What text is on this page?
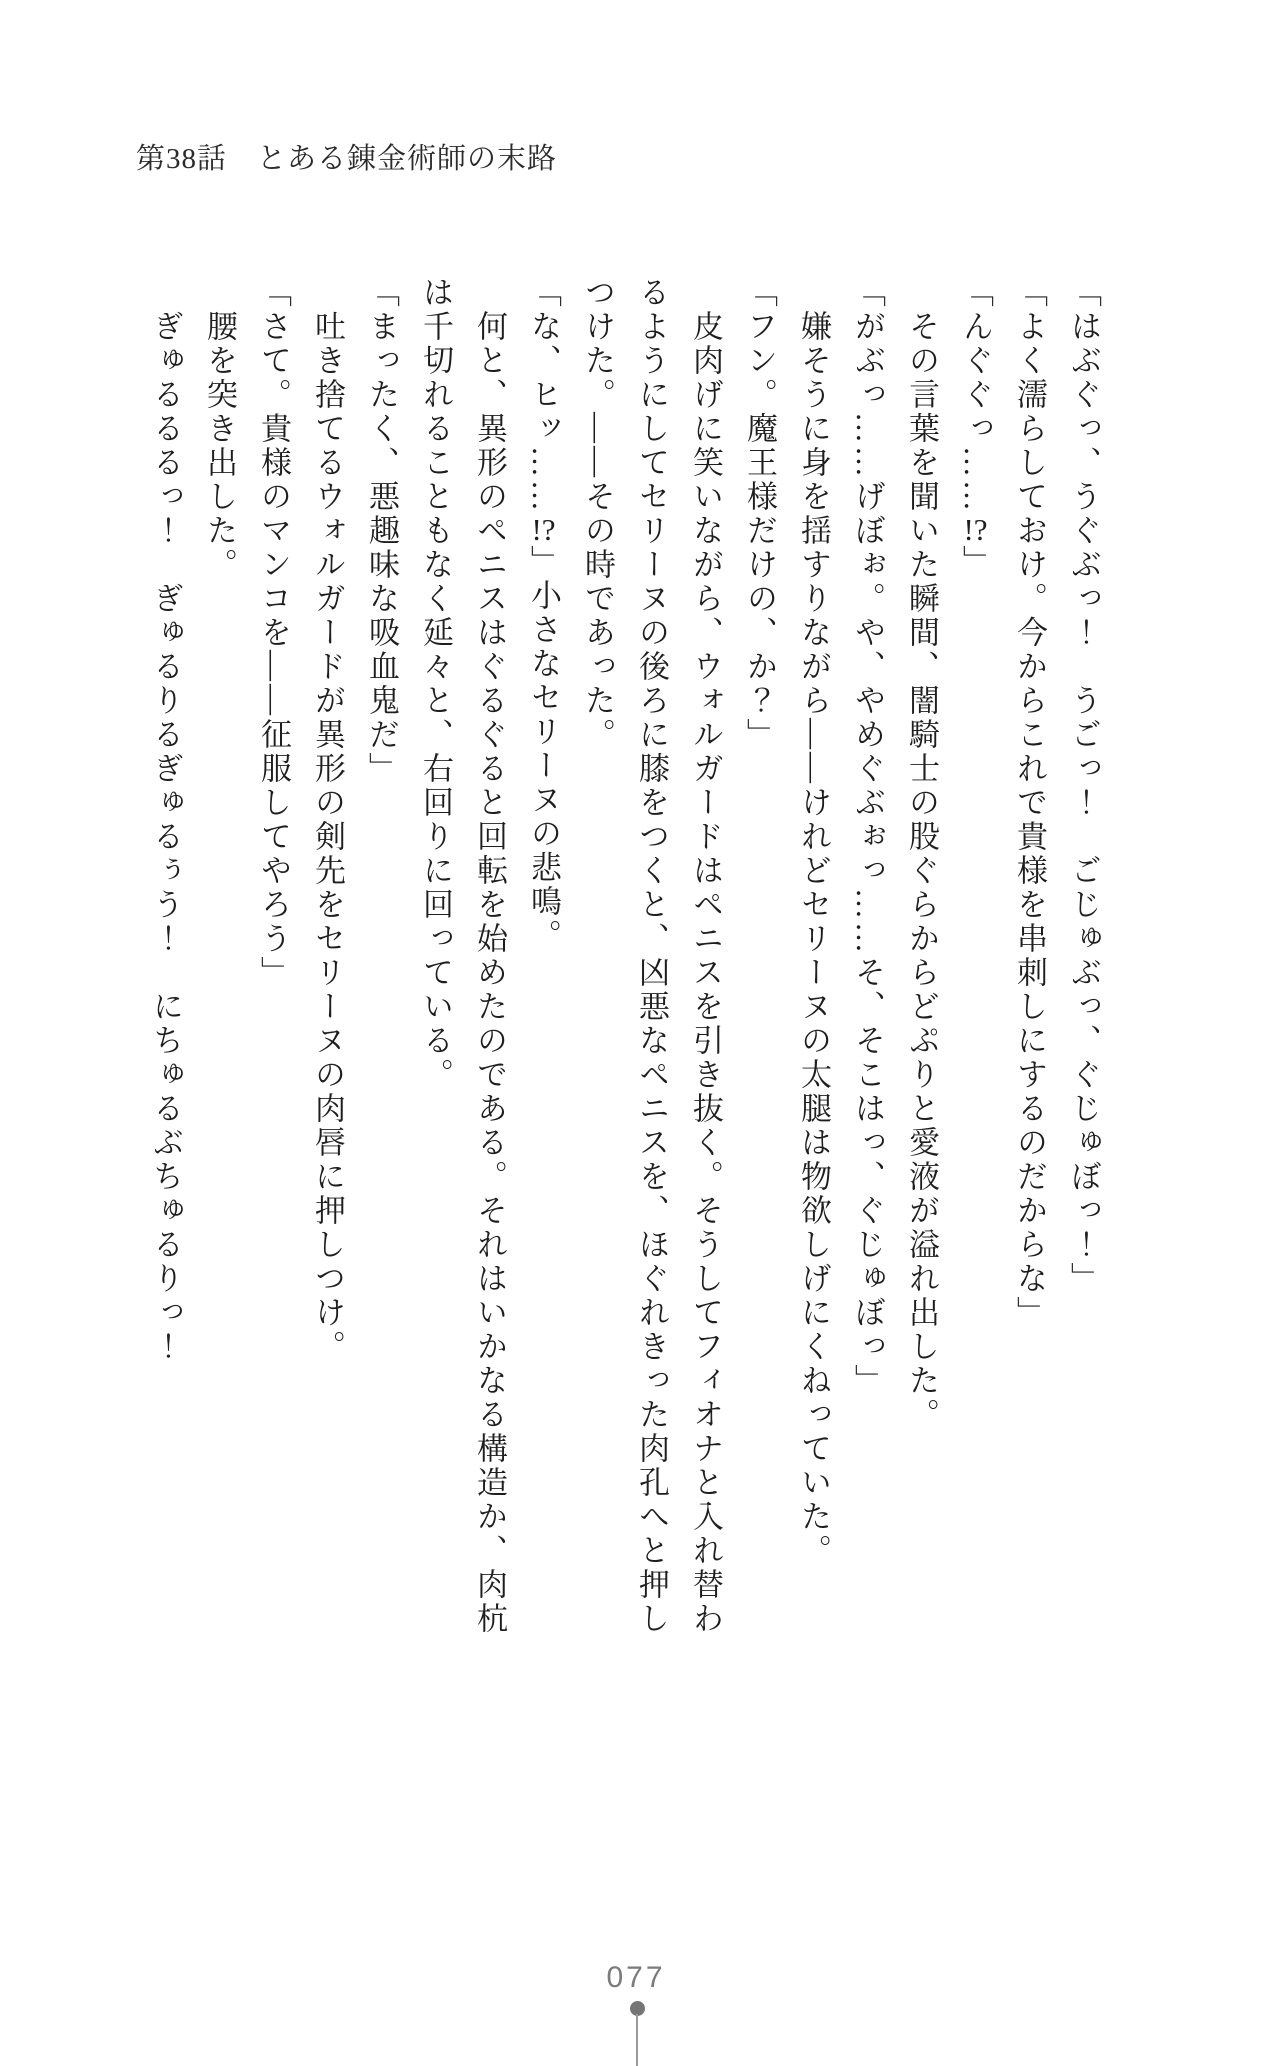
第38話　とある錬金術師の末路

「はぶぐっ、うぐぶっ！　うごっ！　ごじゅぶっ、ぐじゅぼっ！」

「よく濡らしておけ。今からこれで貴様を串刺しにするのだからな」

「んぐぐっ……!?」

　その言葉を聞いた瞬間、闇騎士の股ぐらからどぷりと愛液が溢れ出した。

「がぶっ……げぼぉ。や、やめぐぶぉっ……そ、そこはっ、ぐじゅぼっ」

　嫌そうに身を揺すりながら——けれどセリーヌの太腿は物欲しげにくねっていた。

「フン。魔王様だけの、か？」

　皮肉げに笑いながら、ウォルガードはペニスを引き抜く。そうしてフィオナと入れ替わ

るようにしてセリーヌの後ろに膝をつくと、凶悪なペニスを、ほぐれきった肉孔へと押し

つけた。——その時であった。

「な、ヒッ……!?」小さなセリーヌの悲鳴。

　何と、異形のペニスはぐるぐると回転を始めたのである。それはいかなる構造か、肉杭

は千切れることもなく延々と、右回りに回っている。

「まったく、悪趣味な吸血鬼だ」

　吐き捨てるウォルガードが異形の剣先をセリーヌの肉唇に押しつけ。

「さて。貴様のマンコを——征服してやろう」

　腰を突き出した。

　ぎゅるるるっ！　ぎゅるりるぎゅるぅう！　にちゅるぶちゅるりっ！

077
